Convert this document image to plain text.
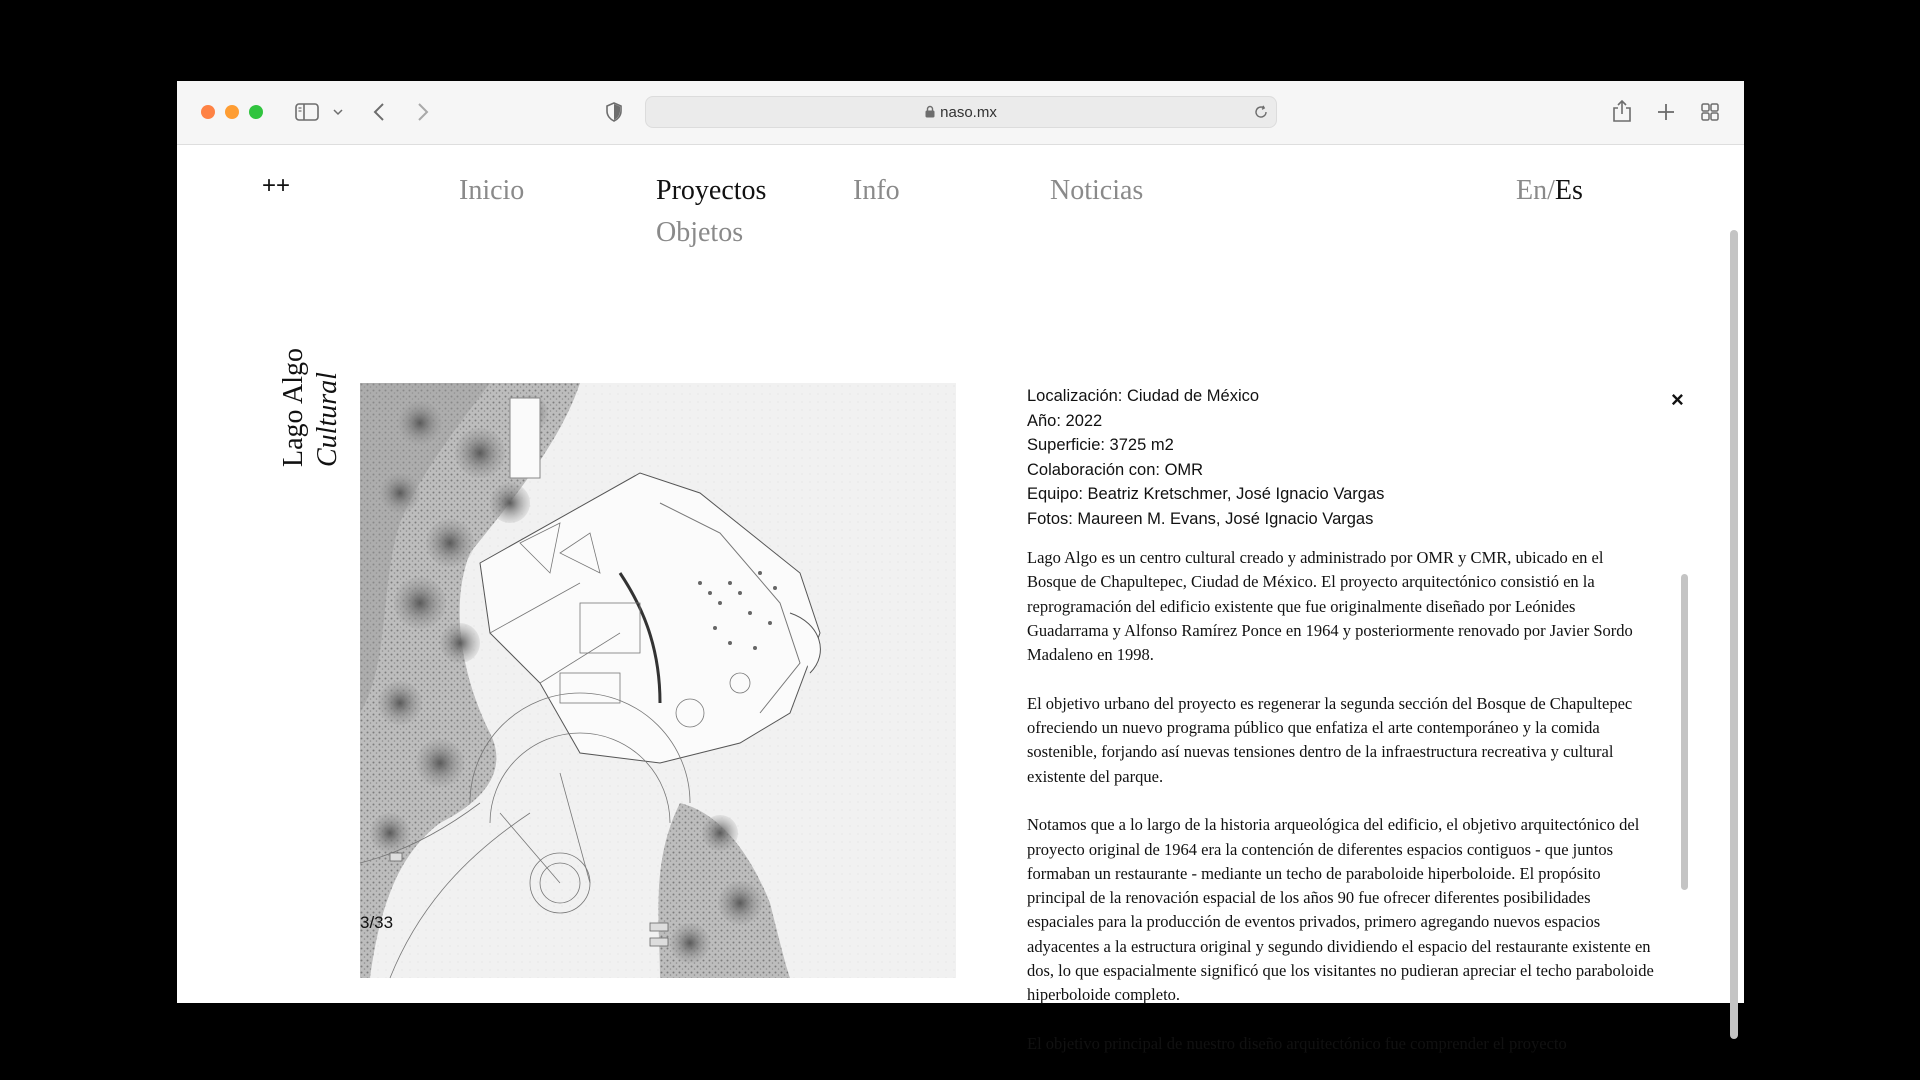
naso.mx
++	Inicio	Proyectos	Info	Noticias
Objetos
En/Es
Lago Algo Cultural
3/33
Localización: Ciudad de México
Año: 2022
Superficie: 3725 m2
Colaboración con: OMR
Equipo: Beatriz Kretschmer, José Ignacio Vargas
Fotos: Maureen M. Evans, José Ignacio Vargas
×

Lago Algo es un centro cultural creado y administrado por OMR y CMR, ubicado en el Bosque de Chapultepec, Ciudad de México. El proyecto arquitectónico consistió en la reprogramación del edificio existente que fue originalmente diseñado por Leónides Guadarrama y Alfonso Ramírez Ponce en 1964 y posteriormente renovado por Javier Sordo Madaleno en 1998.

El objetivo urbano del proyecto es regenerar la segunda sección del Bosque de Chapultepec ofreciendo un nuevo programa público que enfatiza el arte contemporáneo y la comida sostenible, forjando así nuevas tensiones dentro de la infraestructura recreativa y cultural existente del parque.

Notamos que a lo largo de la historia arqueológica del edificio, el objetivo arquitectónico del proyecto original de 1964 era la contención de diferentes espacios contiguos - que juntos formaban un restaurante - mediante un techo de paraboloide hiperboloide. El propósito principal de la renovación espacial de los años 90 fue ofrecer diferentes posibilidades espaciales para la producción de eventos privados, primero agregando nuevos espacios adyacentes a la estructura original y segundo dividiendo el espacio del restaurante existente en dos, lo que espacialmente significó que los visitantes no pudieran apreciar el techo paraboloide hiperboloide completo.

El objetivo principal de nuestro diseño arquitectónico fue comprender el proyecto
